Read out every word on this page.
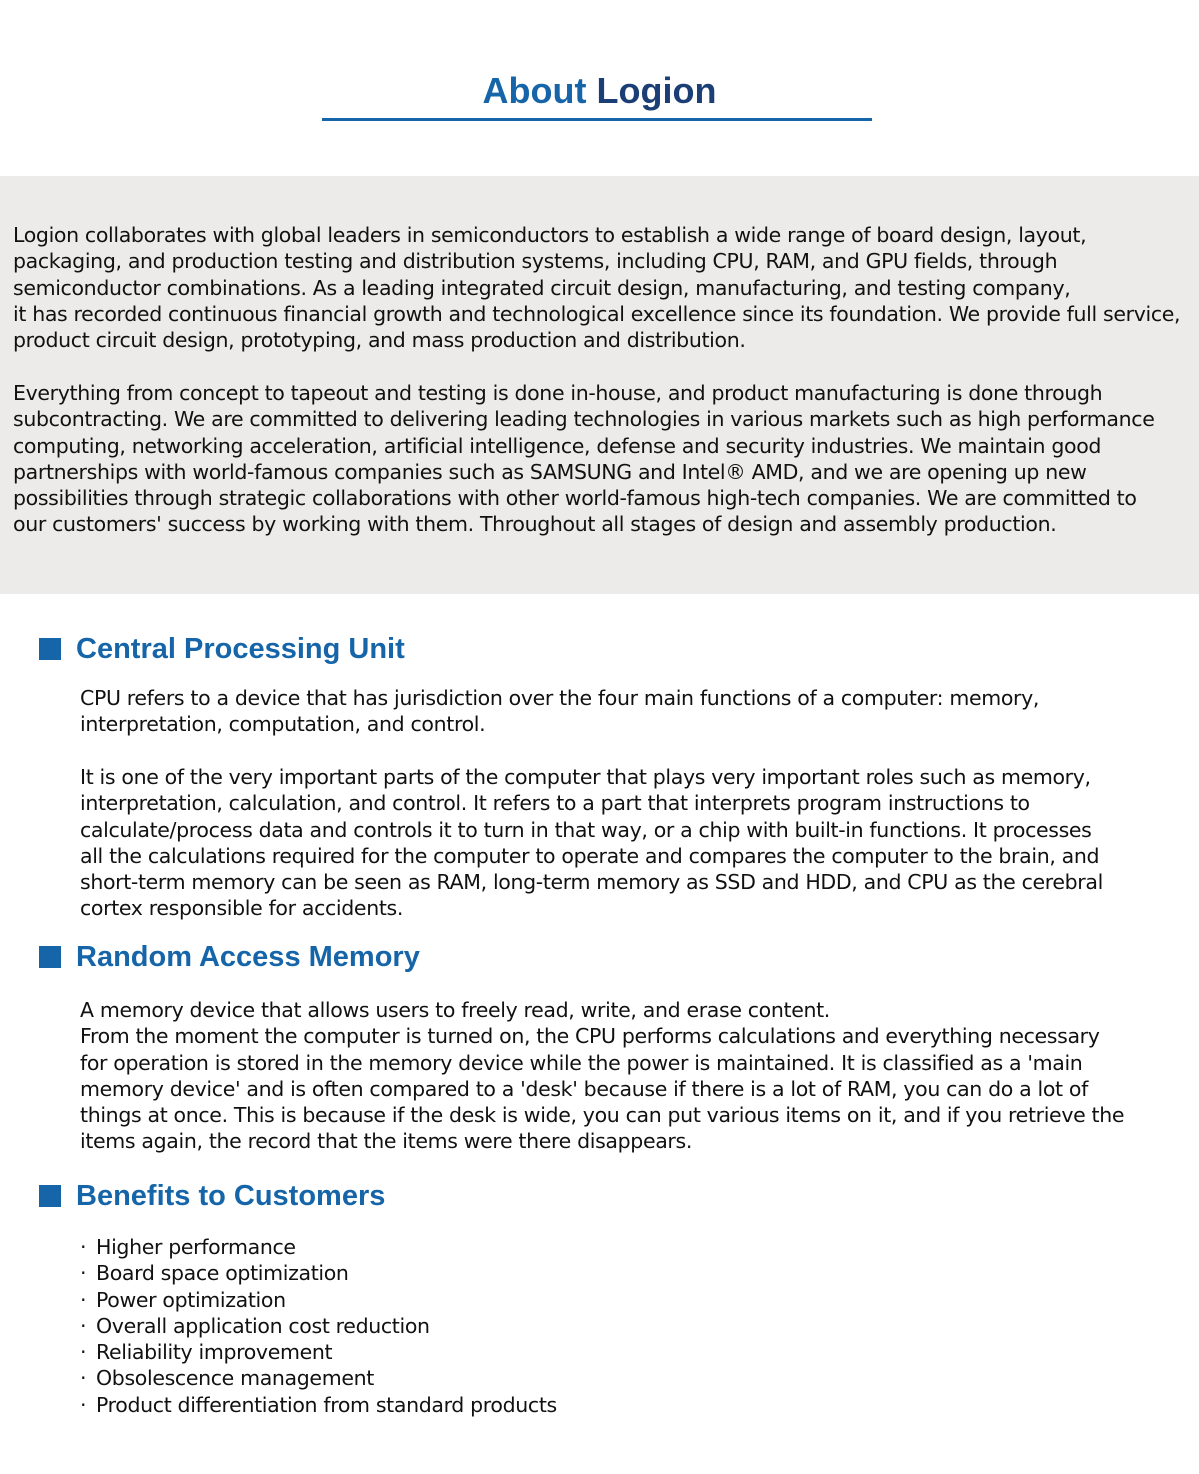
About Logion

Logion collaborates with global leaders in semiconductors to establish a wide range of board design, layout,
packaging, and production testing and distribution systems, including CPU, RAM, and GPU fields, through
semiconductor combinations. As a leading integrated circuit design, manufacturing, and testing company,
it has recorded continuous financial growth and technological excellence since its foundation. We provide full service,
product circuit design, prototyping, and mass production and distribution.

Everything from concept to tapeout and testing is done in-house, and product manufacturing is done through
subcontracting. We are committed to delivering leading technologies in various markets such as high performance
computing, networking acceleration, artificial intelligence, defense and security industries. We maintain good
partnerships with world-famous companies such as SAMSUNG and Intel® AMD, and we are opening up new
possibilities through strategic collaborations with other world-famous high-tech companies. We are committed to
our customers' success by working with them. Throughout all stages of design and assembly production.

Central Processing Unit

CPU refers to a device that has jurisdiction over the four main functions of a computer: memory,
interpretation, computation, and control.

It is one of the very important parts of the computer that plays very important roles such as memory,
interpretation, calculation, and control. It refers to a part that interprets program instructions to
calculate/process data and controls it to turn in that way, or a chip with built-in functions. It processes
all the calculations required for the computer to operate and compares the computer to the brain, and
short-term memory can be seen as RAM, long-term memory as SSD and HDD, and CPU as the cerebral
cortex responsible for accidents.

Random Access Memory

A memory device that allows users to freely read, write, and erase content.
From the moment the computer is turned on, the CPU performs calculations and everything necessary
for operation is stored in the memory device while the power is maintained. It is classified as a 'main
memory device' and is often compared to a 'desk' because if there is a lot of RAM, you can do a lot of
things at once. This is because if the desk is wide, you can put various items on it, and if you retrieve the
items again, the record that the items were there disappears.

Benefits to Customers
· Higher performance
· Board space optimization
· Power optimization
· Overall application cost reduction
· Reliability improvement
· Obsolescence management
· Product differentiation from standard products
